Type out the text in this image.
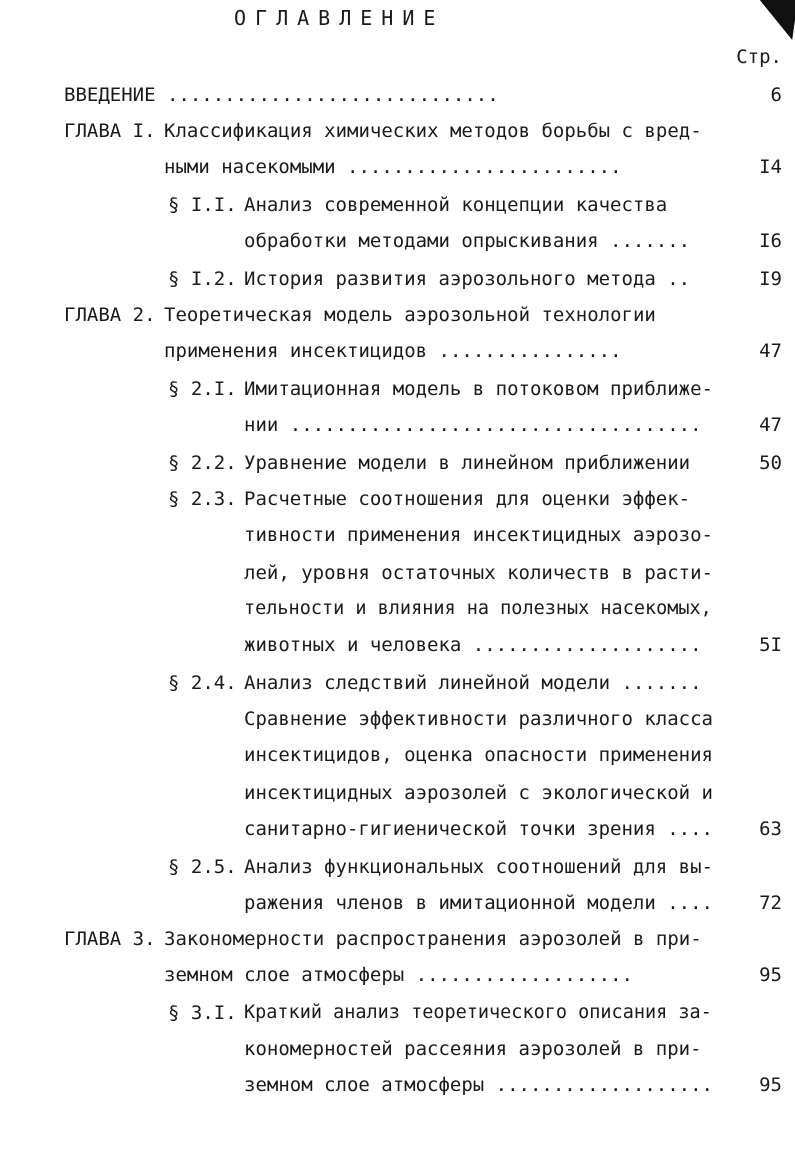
ОГЛАВЛЕНИЕ
Стр.
ВВЕДЕНИЕ .............................	6
ГЛАВА I. Классификация химических методов борьбы с вред-
ными насекомыми ........................	I4
§ I.I. Анализ современной концепции качества
обработки методами опрыскивания .......	I6
§ I.2. История развития аэрозольного метода ..	I9
ГЛАВА 2. Теоретическая модель аэрозольной технологии
применения инсектицидов ................	47
§ 2.I. Имитационная модель в потоковом приближе-
нии ....................................	47
§ 2.2. Уравнение модели в линейном приближении	50
§ 2.3. Расчетные соотношения для оценки эффек-
тивности применения инсектицидных аэрозо-
лей, уровня остаточных количеств в расти-
тельности и влияния на полезных насекомых,
животных и человека ....................	5I
§ 2.4. Анализ следствий линейной модели .......
Сравнение эффективности различного класса
инсектицидов, оценка опасности применения
инсектицидных аэрозолей с экологической и
санитарно-гигиенической точки зрения ....	63
§ 2.5. Анализ функциональных соотношений для вы-
ражения членов в имитационной модели ....	72
ГЛАВА 3. Закономерности распространения аэрозолей в при-
земном слое атмосферы ...................	95
§ 3.I. Краткий анализ теоретического описания за-
кономерностей рассеяния аэрозолей в при-
земном слое атмосферы ...................	95
